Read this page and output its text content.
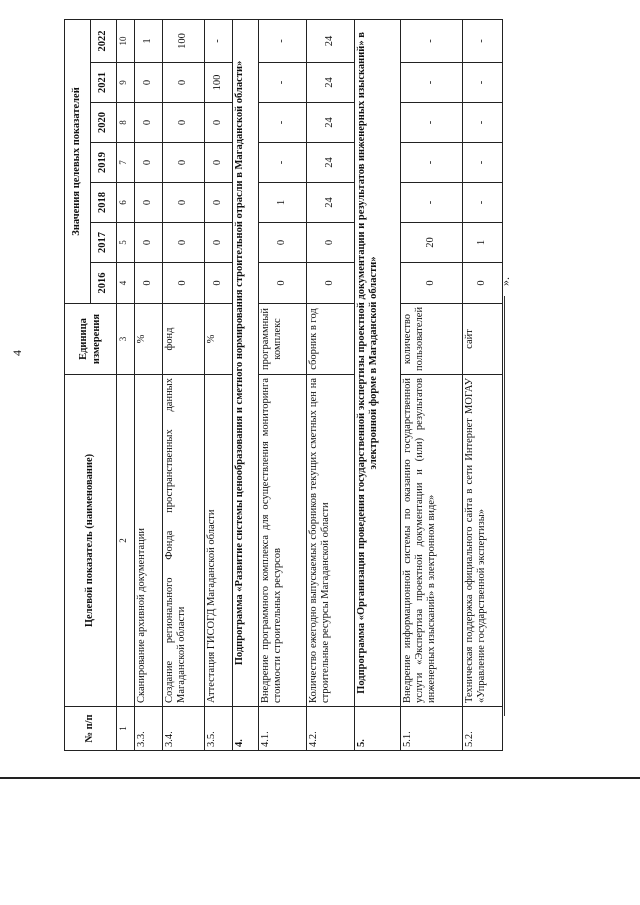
4
№ п/п	Целевой показатель (наименование)	Единица измерения	Значения целевых показателей						
			2016	2017	2018	2019	2020	2021	2022
1	2	3	4	5	6	7	8	9	10
3.3.	Сканирование архивной документации	%	0	0	0	0	0	0	1
3.4.	Создание регионального Фонда пространственных данных Магаданской области	фонд	0	0	0	0	0	0	100
3.5.	Аттестация ГИСОГД Магаданской области	%	0	0	0	0	0	100	-
4.	Подпрограмма «Развитие системы ценообразования и сметного нормирования строительной отрасли в Магаданской области»								
4.1.	Внедрение программного комплекса для осуществления мониторинга стоимости строительных ресурсов	программный комплекс	0	0	1	-	-	-	-
4.2.	Количество ежегодно выпускаемых сборников текущих сметных цен на строительные ресурсы Магаданской области	сборник в год	0	0	24	24	24	24	24
5.	Подпрограмма «Организация проведения государственной экспертизы проектной документации и результатов инженерных изысканий» в электронной форме в Магаданской области»								
5.1.	Внедрение информационной системы по оказанию государственной услуги «Экспертиза проектной документации и (или) результатов инженерных изысканий» в электронном виде»	количество пользователей	0	20	-	-	-	-	-
5.2.	Техническая поддержка официального сайта в сети Интернет МОГАУ «Управление государственной экспертизы»	сайт	0	1	-	-	-	-	-
».
